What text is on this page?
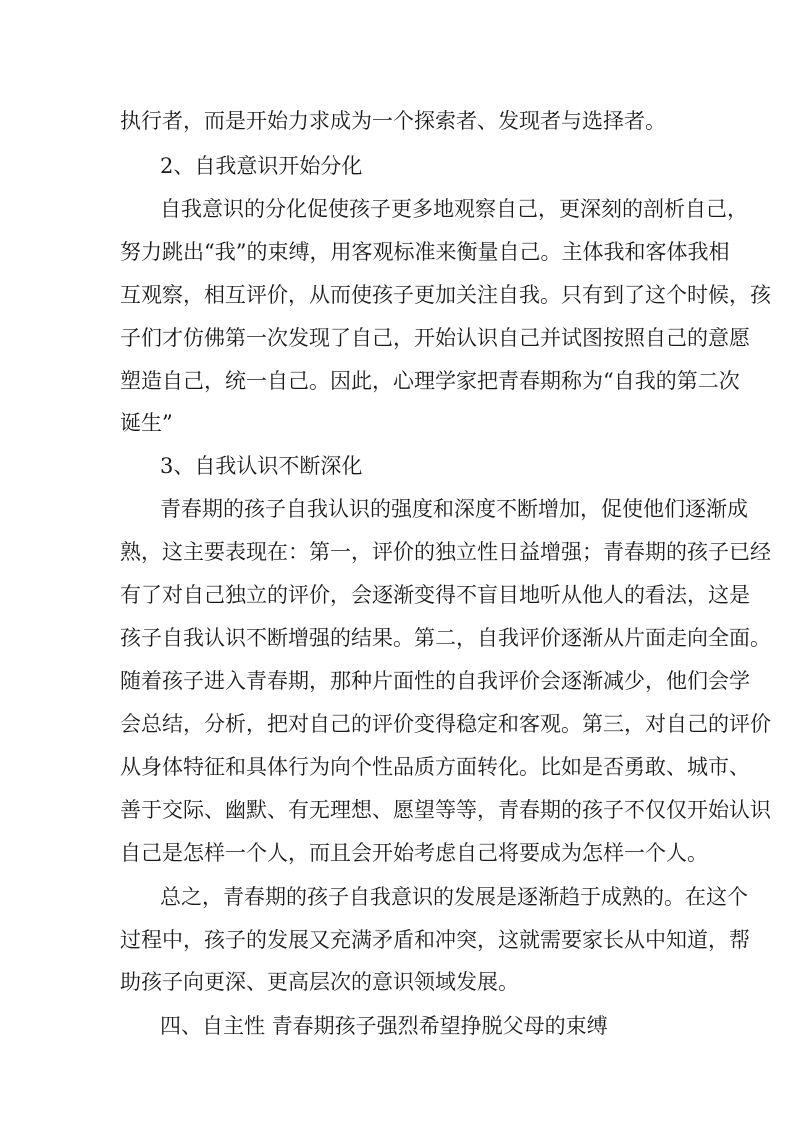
执行者，而是开始力求成为一个探索者、发现者与选择者。
2、自我意识开始分化
自我意识的分化促使孩子更多地观察自己，更深刻的剖析自己，
努力跳出“我”的束缚，用客观标准来衡量自己。主体我和客体我相
互观察，相互评价，从而使孩子更加关注自我。只有到了这个时候，孩
子们才仿佛第一次发现了自己，开始认识自己并试图按照自己的意愿
塑造自己，统一自己。因此，心理学家把青春期称为“自我的第二次
诞生”
3、自我认识不断深化
青春期的孩子自我认识的强度和深度不断增加，促使他们逐渐成
熟，这主要表现在：第一，评价的独立性日益增强；青春期的孩子已经
有了对自己独立的评价，会逐渐变得不盲目地听从他人的看法，这是
孩子自我认识不断增强的结果。第二，自我评价逐渐从片面走向全面。
随着孩子进入青春期，那种片面性的自我评价会逐渐减少，他们会学
会总结，分析，把对自己的评价变得稳定和客观。第三，对自己的评价
从身体特征和具体行为向个性品质方面转化。比如是否勇敢、城市、
善于交际、幽默、有无理想、愿望等等，青春期的孩子不仅仅开始认识
自己是怎样一个人，而且会开始考虑自己将要成为怎样一个人。
总之，青春期的孩子自我意识的发展是逐渐趋于成熟的。在这个
过程中，孩子的发展又充满矛盾和冲突，这就需要家长从中知道，帮
助孩子向更深、更高层次的意识领域发展。
四、自主性 青春期孩子强烈希望挣脱父母的束缚
